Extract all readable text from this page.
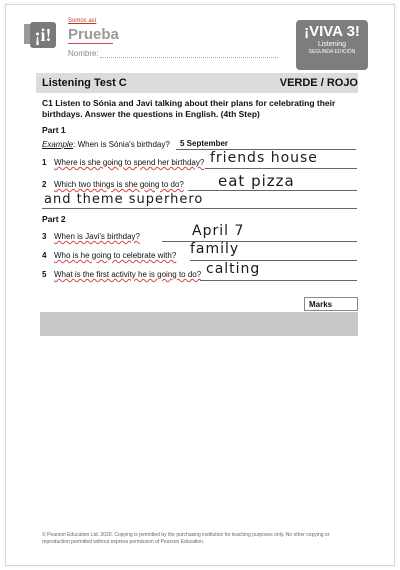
¡i!
Somos así
Prueba
Nombre:
¡VIVA 3!
Listening
SEGUNDA EDICIÓN
Listening Test C	VERDE / ROJO
C1 Listen to Sónia and Javi talking about their plans for celebrating their birthdays. Answer the questions in English. (4th Step)
Part 1
Example: When is Sónia's birthday? 5 September
1 Where is she going to spend her birthday? friends house
2 Which two things is she going to do? eat pizza
and theme superhero
Part 2
3 When is Javi's birthday?	April 7
4 Who is he going to celebrate with? family
5 What is the first activity he is going to do? calting
Marks
© Pearson Education Ltd. 2020. Copying is permitted by the purchasing institution for teaching purposes only. No other copying or reproduction permitted without express permission of Pearson Education.
